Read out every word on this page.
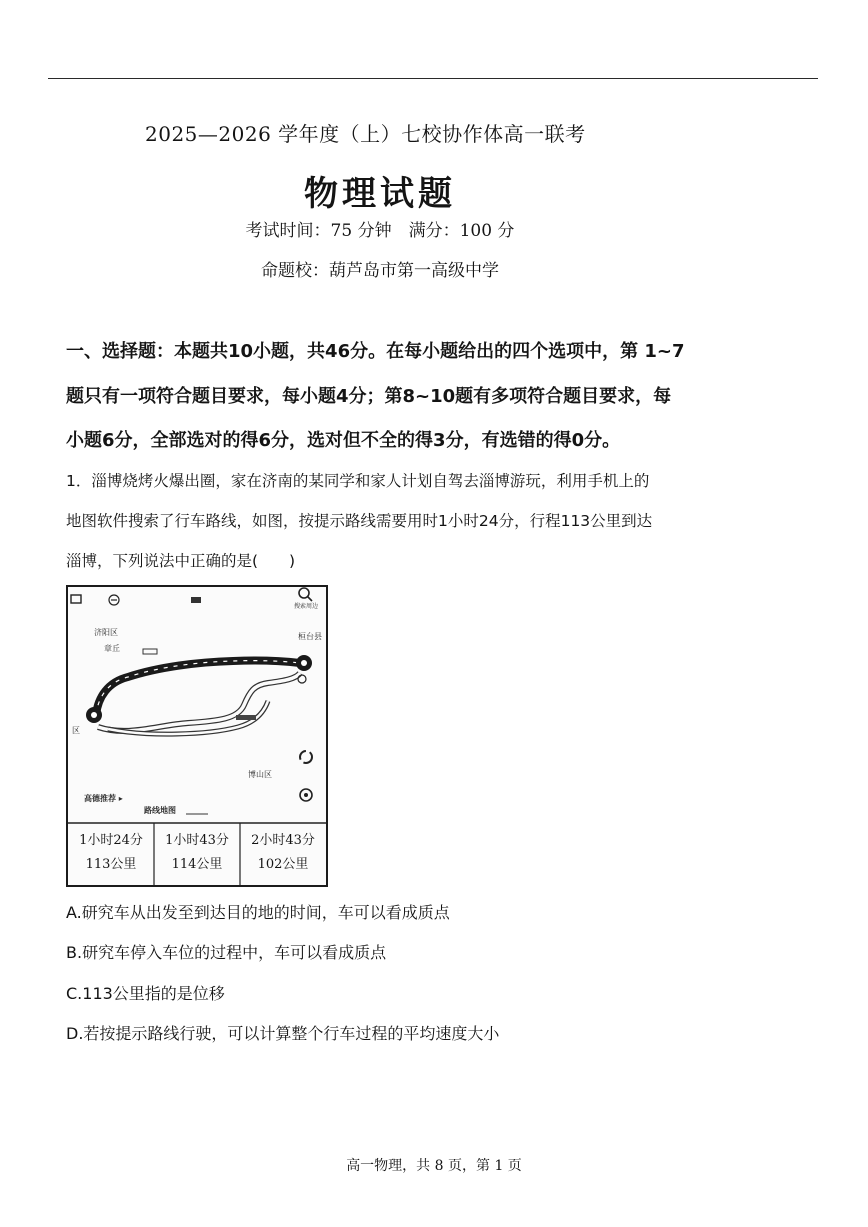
2025—2026 学年度（上）七校协作体高一联考
物理试题
考试时间：75 分钟　满分：100 分
命题校：葫芦岛市第一高级中学
一、选择题：本题共10小题，共46分。在每小题给出的四个选项中，第 1~7
题只有一项符合题目要求，每小题4分；第8~10题有多项符合题目要求，每
小题6分，全部选对的得6分，选对但不全的得3分，有选错的得0分。
1．淄博烧烤火爆出圈，家在济南的某同学和家人计划自驾去淄博游玩，利用手机上的
地图软件搜索了行车路线，如图，按提示路线需要用时1小时24分，行程113公里到达
淄博，下列说法中正确的是(　　)
济阳区
章丘
桓台县
搜索周边
区
博山区
高德推荐 ▸
路线地图
1小时24分
113公里
1小时43分
114公里
2小时43分
102公里
A.研究车从出发至到达目的地的时间，车可以看成质点
B.研究车停入车位的过程中，车可以看成质点
C.113公里指的是位移
D.若按提示路线行驶，可以计算整个行车过程的平均速度大小
高一物理，共 8 页，第 1 页
